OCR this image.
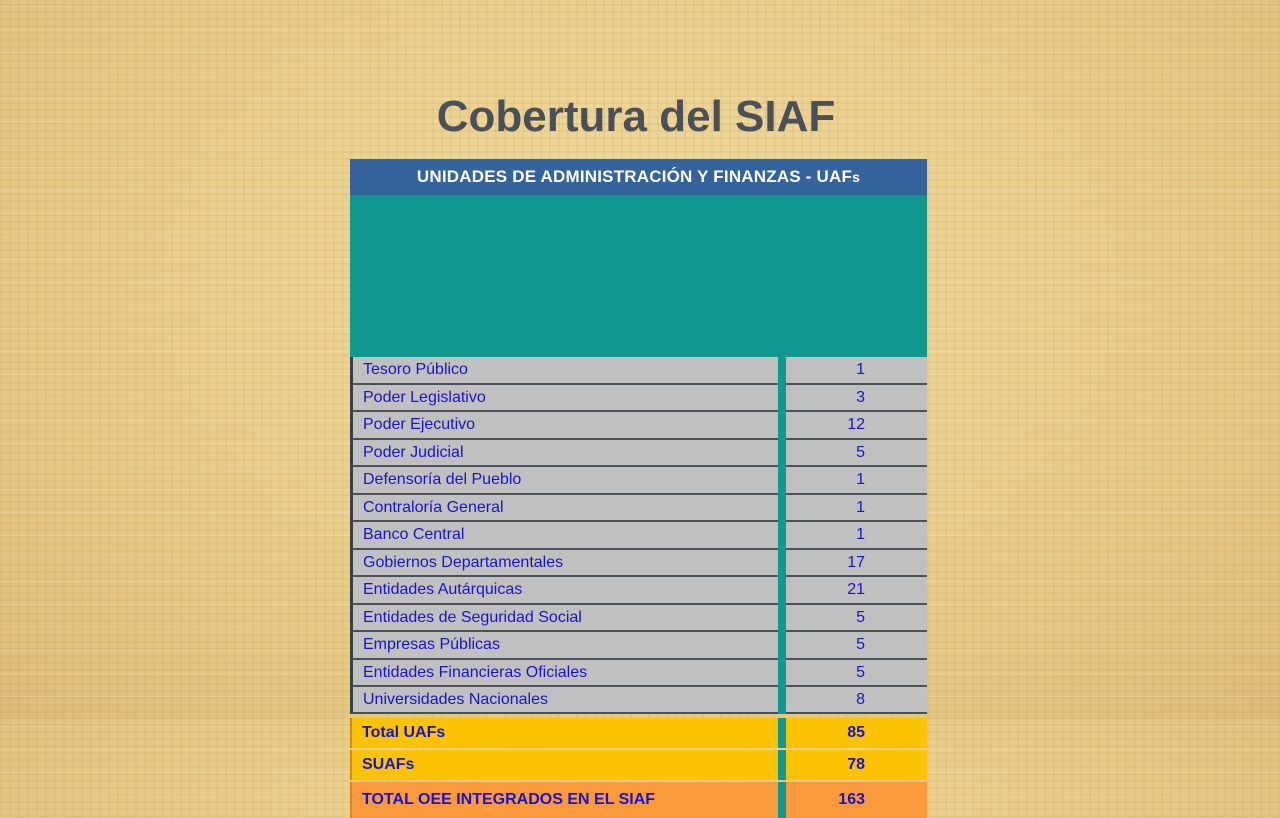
Cobertura del SIAF
UNIDADES DE ADMINISTRACIÓN Y FINANZAS - UAF s
Tesoro Público	1
Poder Legislativo	3
Poder Ejecutivo	12
Poder Judicial	5
Defensoría del Pueblo	1
Contraloría General	1
Banco Central	1
Gobiernos Departamentales	17
Entidades Autárquicas	21
Entidades de Seguridad Social	5
Empresas Públicas	5
Entidades Financieras Oficiales	5
Universidades Nacionales	8
Total UAFs	85
SUAFs	78
TOTAL OEE INTEGRADOS EN EL SIAF	163
